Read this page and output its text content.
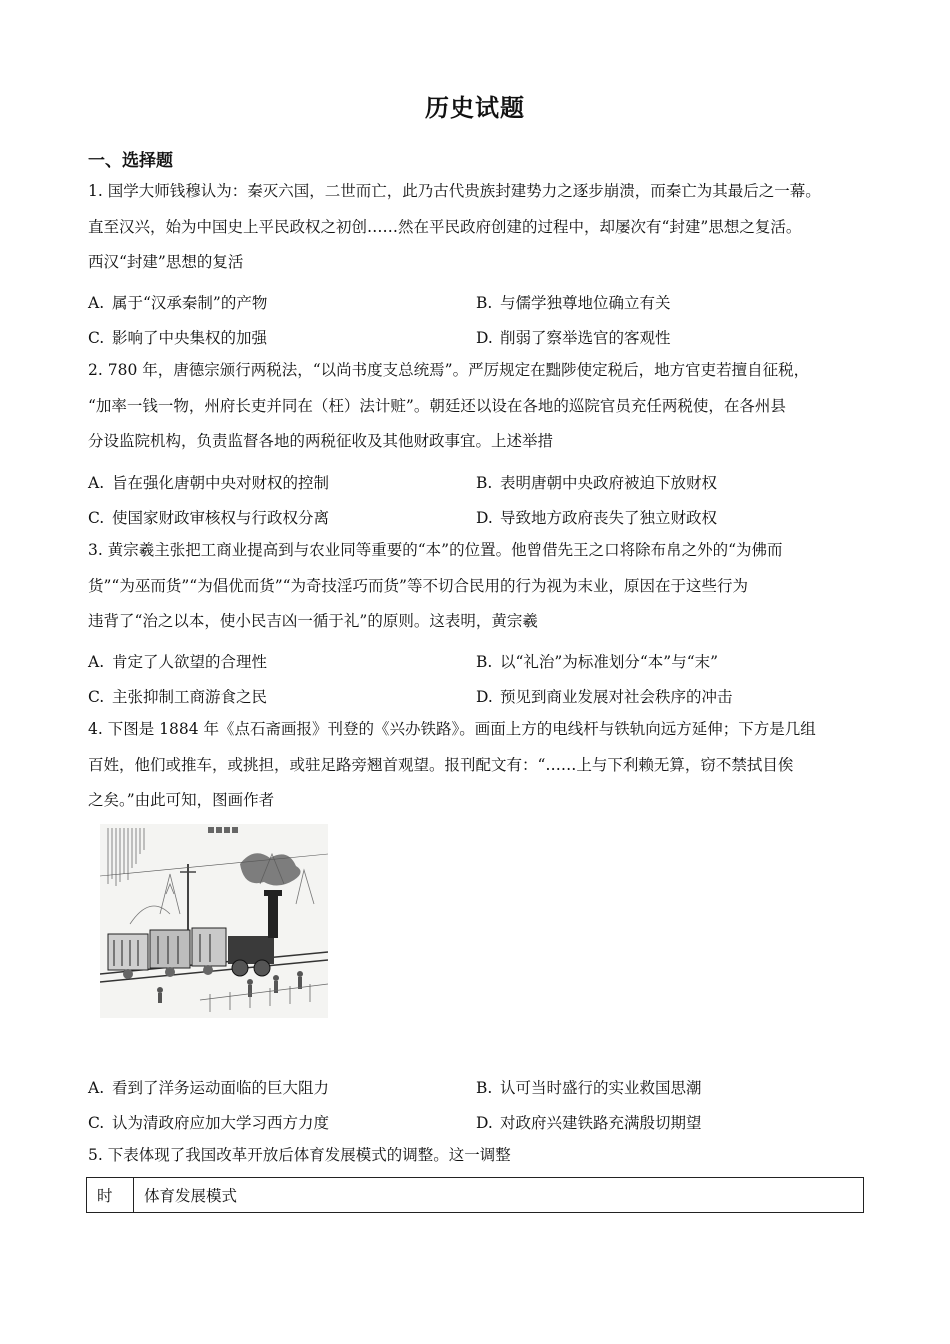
历史试题
一、选择题
1. 国学大师钱穆认为：秦灭六国，二世而亡，此乃古代贵族封建势力之逐步崩溃，而秦亡为其最后之一幕。
直至汉兴，始为中国史上平民政权之初创……然在平民政府创建的过程中，却屡次有“封建”思想之复活。
西汉“封建”思想的复活
A. 属于“汉承秦制”的产物	B. 与儒学独尊地位确立有关
C. 影响了中央集权的加强	D. 削弱了察举选官的客观性
2. 780 年，唐德宗颁行两税法，“以尚书度支总统焉”。严厉规定在黜陟使定税后，地方官吏若擅自征税，
“加率一钱一物，州府长吏并同在（枉）法计赃”。朝廷还以设在各地的巡院官员充任两税使，在各州县
分设监院机构，负责监督各地的两税征收及其他财政事宜。上述举措
A. 旨在强化唐朝中央对财权的控制	B. 表明唐朝中央政府被迫下放财权
C. 使国家财政审核权与行政权分离	D. 导致地方政府丧失了独立财政权
3. 黄宗羲主张把工商业提高到与农业同等重要的“本”的位置。他曾借先王之口将除布帛之外的“为佛而
货”“为巫而货”“为倡优而货”“为奇技淫巧而货”等不切合民用的行为视为末业，原因在于这些行为
违背了“治之以本，使小民吉凶一循于礼”的原则。这表明，黄宗羲
A. 肯定了人欲望的合理性	B. 以“礼治”为标准划分“本”与“末”
C. 主张抑制工商游食之民	D. 预见到商业发展对社会秩序的冲击
4. 下图是 1884 年《点石斋画报》刊登的《兴办铁路》。画面上方的电线杆与铁轨向远方延伸；下方是几组
百姓，他们或推车，或挑担，或驻足路旁翘首观望。报刊配文有：“……上与下利赖无算，窃不禁拭目俟
之矣。”由此可知，图画作者
A. 看到了洋务运动面临的巨大阻力	B. 认可当时盛行的实业救国思潮
C. 认为清政府应加大学习西方力度	D. 对政府兴建铁路充满殷切期望
5. 下表体现了我国改革开放后体育发展模式的调整。这一调整
时	体育发展模式
